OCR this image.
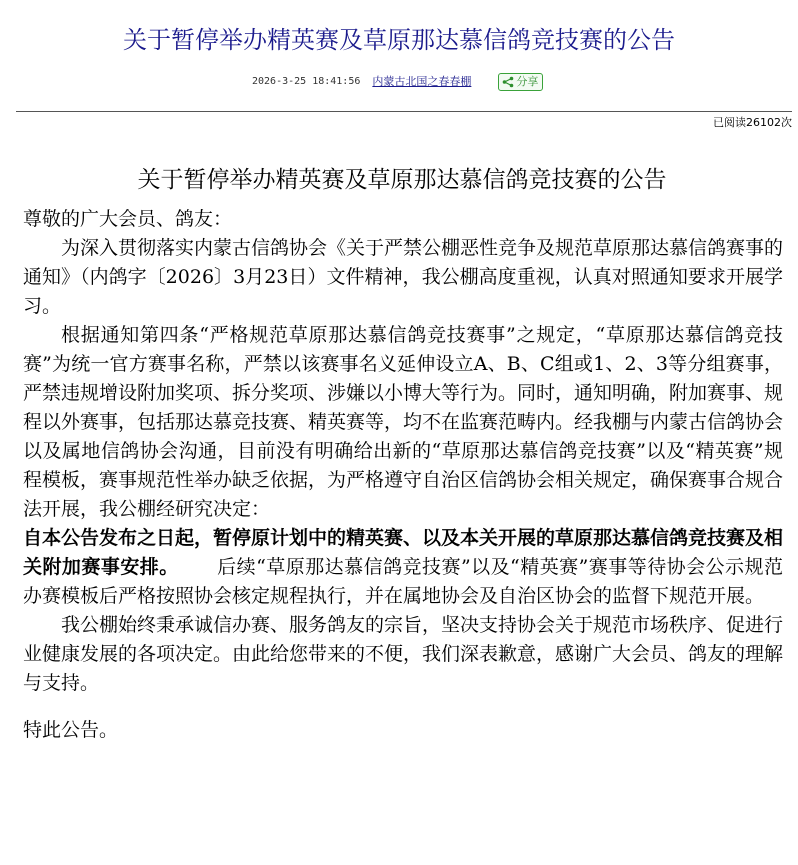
关于暂停举办精英赛及草原那达慕信鸽竞技赛的公告
2026-3-25 18:41:56 内蒙古北国之春春棚	分享
已阅读26102次
关于暂停举办精英赛及草原那达慕信鸽竞技赛的公告

尊敬的广大会员、鸽友：

为深入贯彻落实内蒙古信鸽协会《关于严禁公棚恶性竞争及规范草原那达慕信鸽赛事的通知》（内鸽字〔2026〕3月23日）文件精神，我公棚高度重视，认真对照通知要求开展学习。

根据通知第四条“严格规范草原那达慕信鸽竞技赛事”之规定，“草原那达慕信鸽竞技赛”为统一官方赛事名称，严禁以该赛事名义延伸设立A、B、C组或1、2、3等分组赛事，严禁违规增设附加奖项、拆分奖项、涉嫌以小博大等行为。同时，通知明确，附加赛事、规程以外赛事，包括那达慕竞技赛、精英赛等，均不在监赛范畴内。经我棚与内蒙古信鸽协会以及属地信鸽协会沟通，目前没有明确给出新的“草原那达慕信鸽竞技赛”以及“精英赛”规程模板，赛事规范性举办缺乏依据，为严格遵守自治区信鸽协会相关规定，确保赛事合规合法开展，我公棚经研究决定：

自本公告发布之日起，暂停原计划中的精英赛、以及本关开展的草原那达慕信鸽竞技赛及相关附加赛事安排。 后续“草原那达慕信鸽竞技赛”以及“精英赛”赛事等待协会公示规范办赛模板后严格按照协会核定规程执行，并在属地协会及自治区协会的监督下规范开展。

我公棚始终秉承诚信办赛、服务鸽友的宗旨，坚决支持协会关于规范市场秩序、促进行业健康发展的各项决定。由此给您带来的不便，我们深表歉意，感谢广大会员、鸽友的理解与支持。

特此公告。
